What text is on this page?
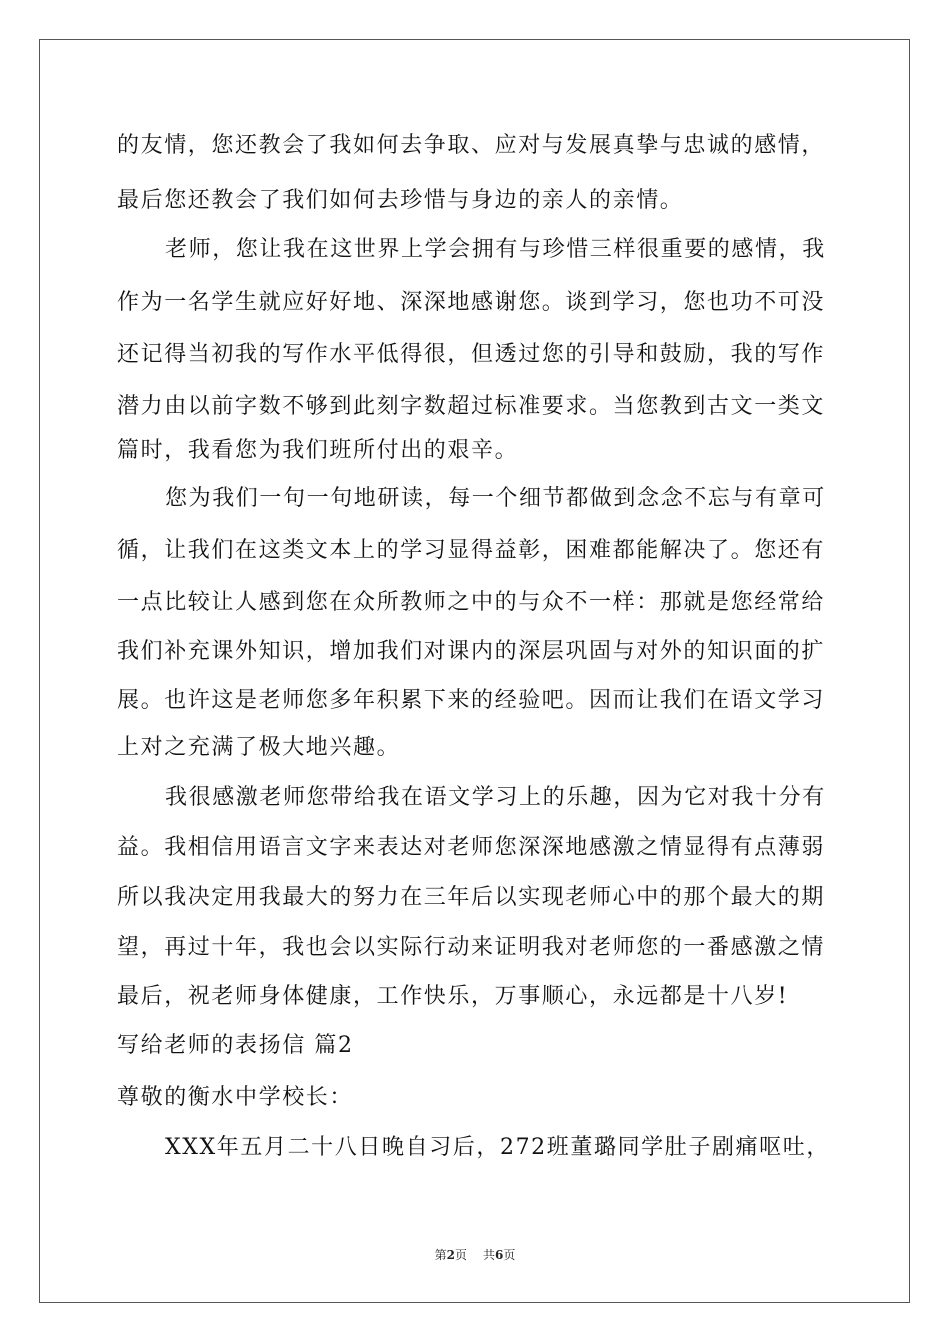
的友情，您还教会了我如何去争取、应对与发展真挚与忠诚的感情，
最后您还教会了我们如何去珍惜与身边的亲人的亲情。
老师，您让我在这世界上学会拥有与珍惜三样很重要的感情，我
作为一名学生就应好好地、深深地感谢您。谈到学习，您也功不可没
还记得当初我的写作水平低得很，但透过您的引导和鼓励，我的写作
潜力由以前字数不够到此刻字数超过标准要求。当您教到古文一类文
篇时，我看您为我们班所付出的艰辛。
您为我们一句一句地研读，每一个细节都做到念念不忘与有章可
循，让我们在这类文本上的学习显得益彰，困难都能解决了。您还有
一点比较让人感到您在众所教师之中的与众不一样：那就是您经常给
我们补充课外知识，增加我们对课内的深层巩固与对外的知识面的扩
展。也许这是老师您多年积累下来的经验吧。因而让我们在语文学习
上对之充满了极大地兴趣。
我很感激老师您带给我在语文学习上的乐趣，因为它对我十分有
益。我相信用语言文字来表达对老师您深深地感激之情显得有点薄弱
所以我决定用我最大的努力在三年后以实现老师心中的那个最大的期
望，再过十年，我也会以实际行动来证明我对老师您的一番感激之情
最后，祝老师身体健康，工作快乐，万事顺心，永远都是十八岁!
写给老师的表扬信 篇2
尊敬的衡水中学校长：
XXX年五月二十八日晚自习后，272班董璐同学肚子剧痛呕吐，
第2页 共6页
